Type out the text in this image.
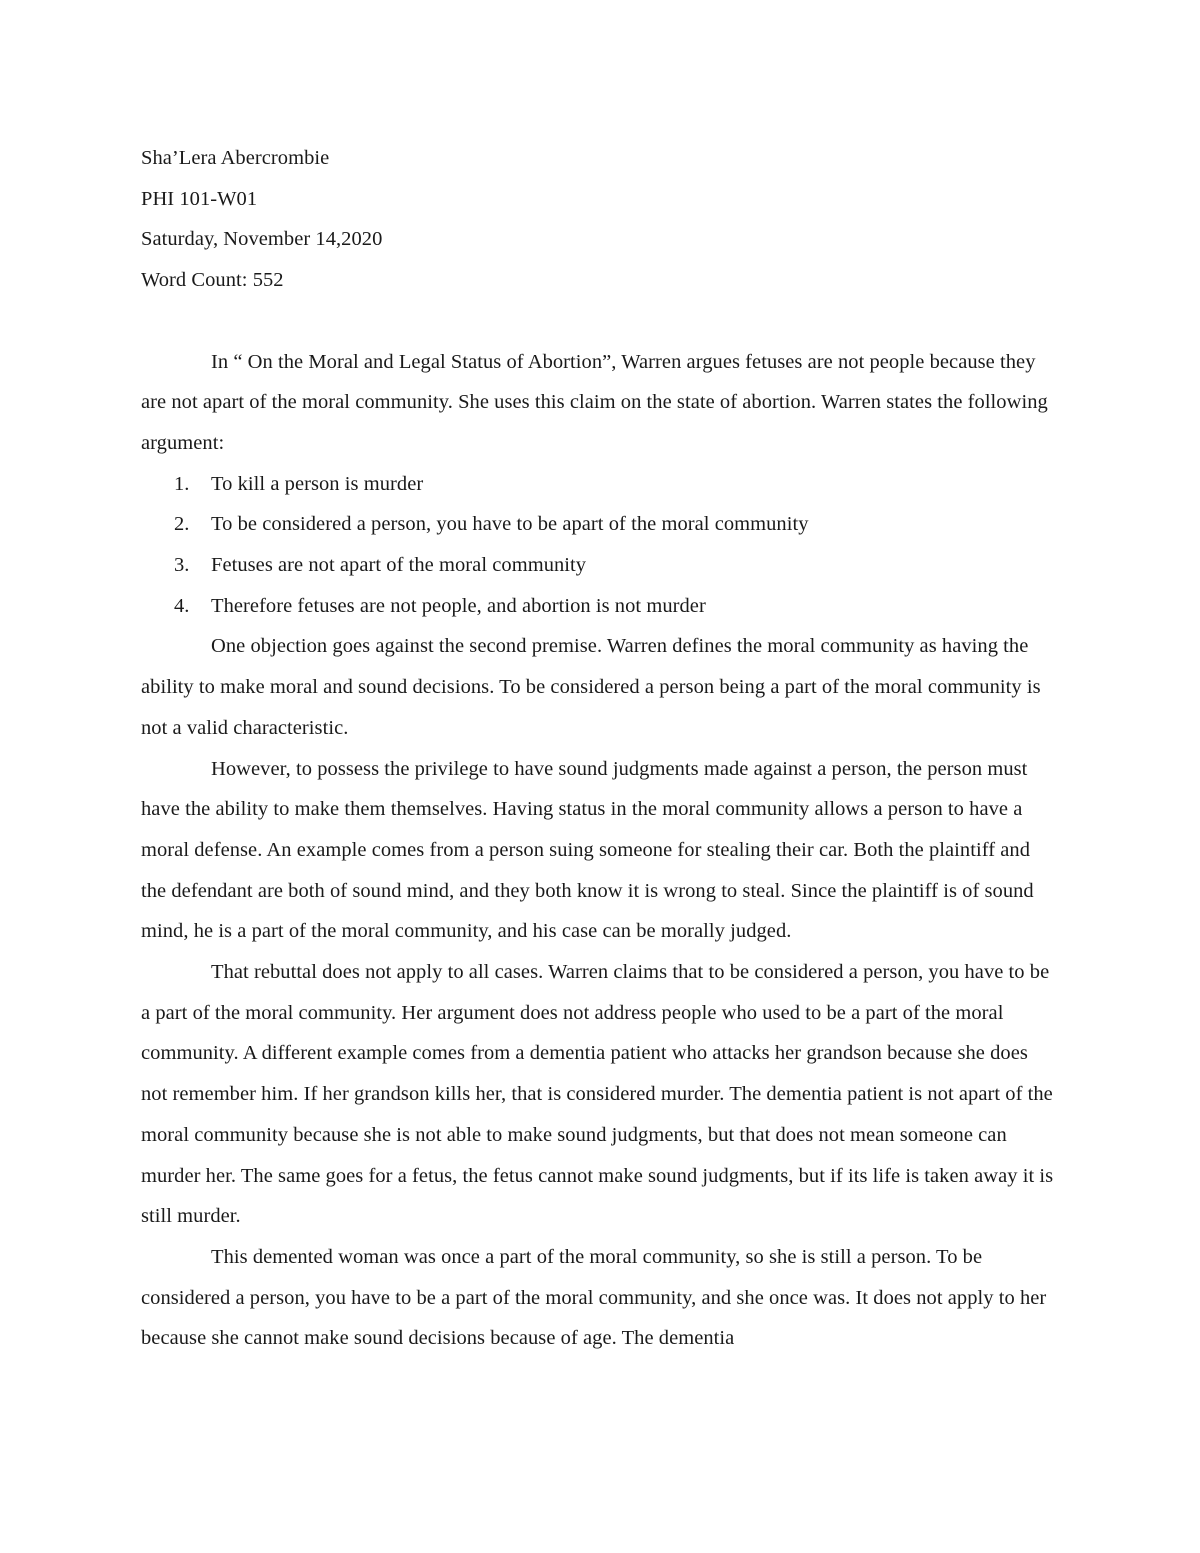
Sha’Lera Abercrombie

PHI 101-W01

Saturday, November 14,2020

Word Count: 552

In “ On the Moral and Legal Status of Abortion”, Warren argues fetuses are not people because they are not apart of the moral community. She uses this claim on the state of abortion. Warren states the following argument:

1. To kill a person is murder
2. To be considered a person, you have to be apart of the moral community
3. Fetuses are not apart of the moral community
4. Therefore fetuses are not people, and abortion is not murder

One objection goes against the second premise. Warren defines the moral community as having the ability to make moral and sound decisions. To be considered a person being a part of the moral community is not a valid characteristic.

However, to possess the privilege to have sound judgments made against a person, the person must have the ability to make them themselves. Having status in the moral community allows a person to have a moral defense. An example comes from a person suing someone for stealing their car. Both the plaintiff and the defendant are both of sound mind, and they both know it is wrong to steal. Since the plaintiff is of sound mind, he is a part of the moral community, and his case can be morally judged.

That rebuttal does not apply to all cases. Warren claims that to be considered a person, you have to be a part of the moral community. Her argument does not address people who used to be a part of the moral community. A different example comes from a dementia patient who attacks her grandson because she does not remember him. If her grandson kills her, that is considered murder. The dementia patient is not apart of the moral community because she is not able to make sound judgments, but that does not mean someone can murder her. The same goes for a fetus, the fetus cannot make sound judgments, but if its life is taken away it is still murder.

This demented woman was once a part of the moral community, so she is still a person. To be considered a person, you have to be a part of the moral community, and she once was. It does not apply to her because she cannot make sound decisions because of age. The dementia
